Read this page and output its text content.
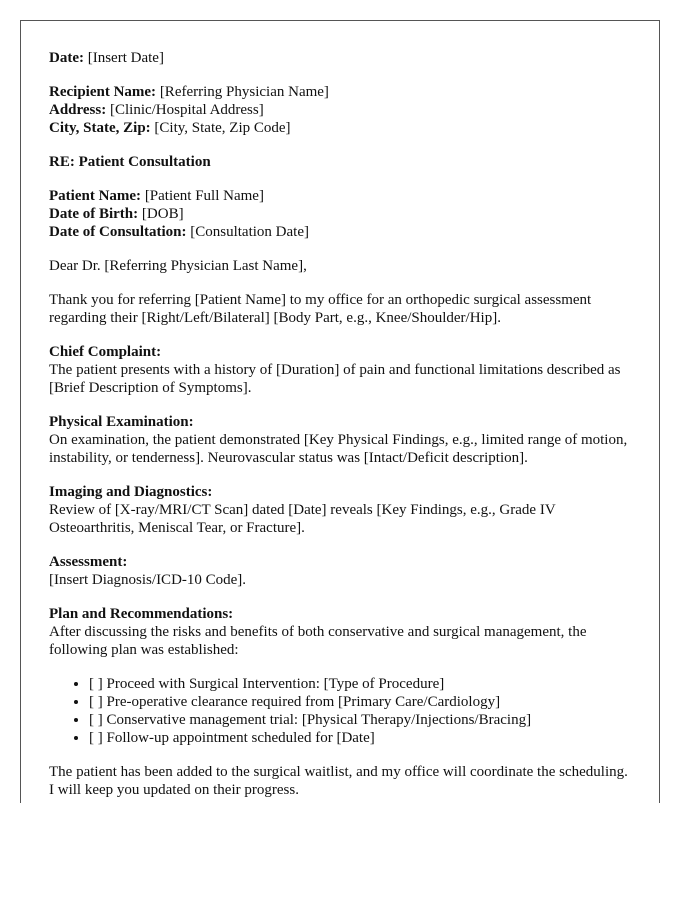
Date: [Insert Date]

Recipient Name: [Referring Physician Name]
Address: [Clinic/Hospital Address]
City, State, Zip: [City, State, Zip Code]

RE: Patient Consultation

Patient Name: [Patient Full Name]
Date of Birth: [DOB]
Date of Consultation: [Consultation Date]

Dear Dr. [Referring Physician Last Name],

Thank you for referring [Patient Name] to my office for an orthopedic surgical assessment regarding their [Right/Left/Bilateral] [Body Part, e.g., Knee/Shoulder/Hip].

Chief Complaint:
The patient presents with a history of [Duration] of pain and functional limitations described as [Brief Description of Symptoms].

Physical Examination:
On examination, the patient demonstrated [Key Physical Findings, e.g., limited range of motion, instability, or tenderness]. Neurovascular status was [Intact/Deficit description].

Imaging and Diagnostics:
Review of [X-ray/MRI/CT Scan] dated [Date] reveals [Key Findings, e.g., Grade IV Osteoarthritis, Meniscal Tear, or Fracture].

Assessment:
[Insert Diagnosis/ICD-10 Code].

Plan and Recommendations:
After discussing the risks and benefits of both conservative and surgical management, the following plan was established:

• [ ] Proceed with Surgical Intervention: [Type of Procedure]
• [ ] Pre-operative clearance required from [Primary Care/Cardiology]
• [ ] Conservative management trial: [Physical Therapy/Injections/Bracing]
• [ ] Follow-up appointment scheduled for [Date]

The patient has been added to the surgical waitlist, and my office will coordinate the scheduling. I will keep you updated on their progress.
